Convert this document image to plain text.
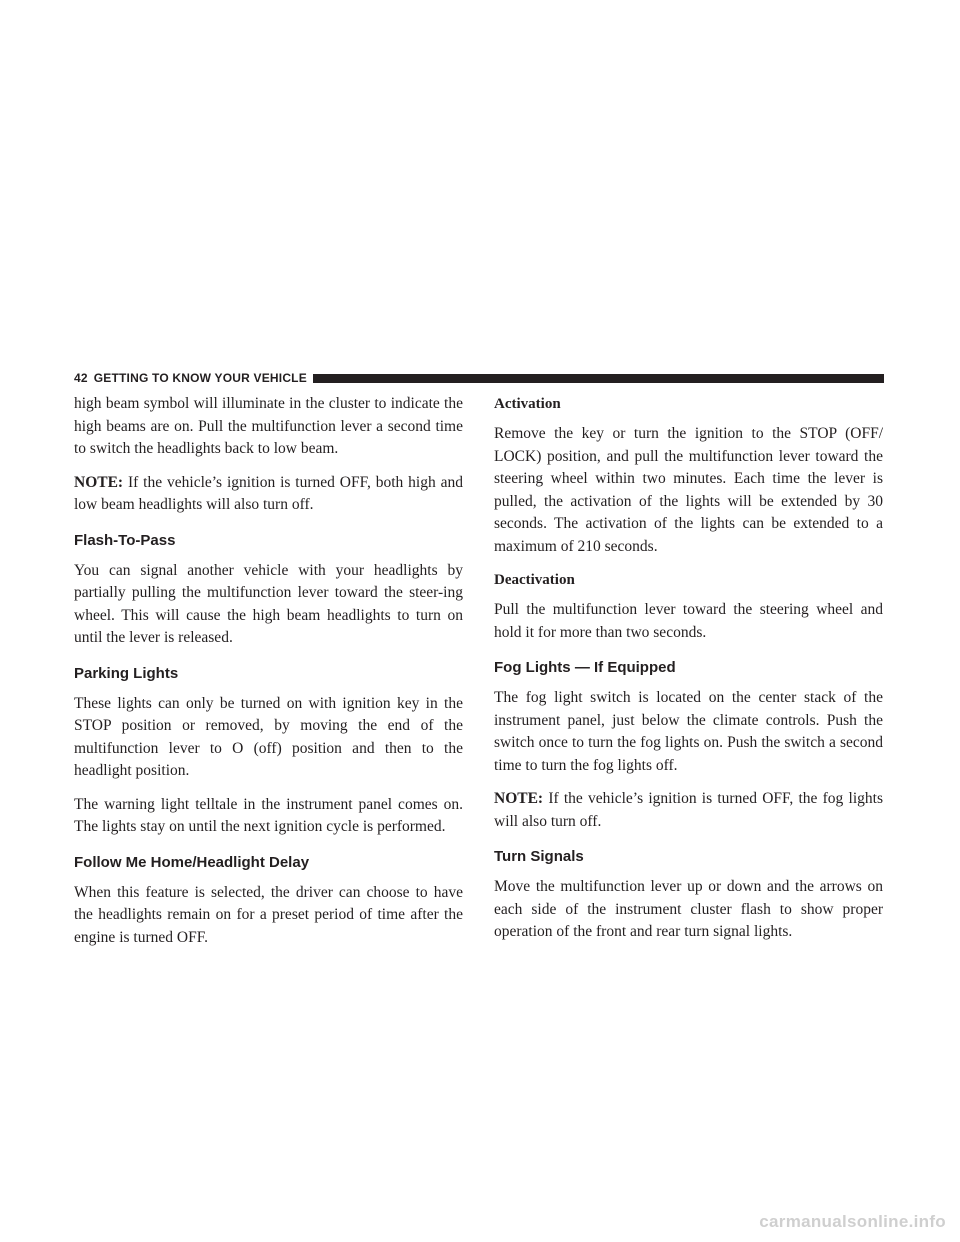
42 GETTING TO KNOW YOUR VEHICLE

high beam symbol will illuminate in the cluster to indicate the high beams are on. Pull the multifunction lever a second time to switch the headlights back to low beam.

NOTE: If the vehicle’s ignition is turned OFF, both high and low beam headlights will also turn off.

Flash-To-Pass

You can signal another vehicle with your headlights by partially pulling the multifunction lever toward the steer-ing wheel. This will cause the high beam headlights to turn on until the lever is released.

Parking Lights

These lights can only be turned on with ignition key in the STOP position or removed, by moving the end of the multifunction lever to O (off) position and then to the headlight position.

The warning light telltale in the instrument panel comes on. The lights stay on until the next ignition cycle is performed.

Follow Me Home/Headlight Delay

When this feature is selected, the driver can choose to have the headlights remain on for a preset period of time after the engine is turned OFF.

Activation

Remove the key or turn the ignition to the STOP (OFF/ LOCK) position, and pull the multifunction lever toward the steering wheel within two minutes. Each time the lever is pulled, the activation of the lights will be extended by 30 seconds. The activation of the lights can be extended to a maximum of 210 seconds.

Deactivation

Pull the multifunction lever toward the steering wheel and hold it for more than two seconds.

Fog Lights — If Equipped

The fog light switch is located on the center stack of the instrument panel, just below the climate controls. Push the switch once to turn the fog lights on. Push the switch a second time to turn the fog lights off.

NOTE: If the vehicle’s ignition is turned OFF, the fog lights will also turn off.

Turn Signals

Move the multifunction lever up or down and the arrows on each side of the instrument cluster flash to show proper operation of the front and rear turn signal lights.

carmanualsonline.info
